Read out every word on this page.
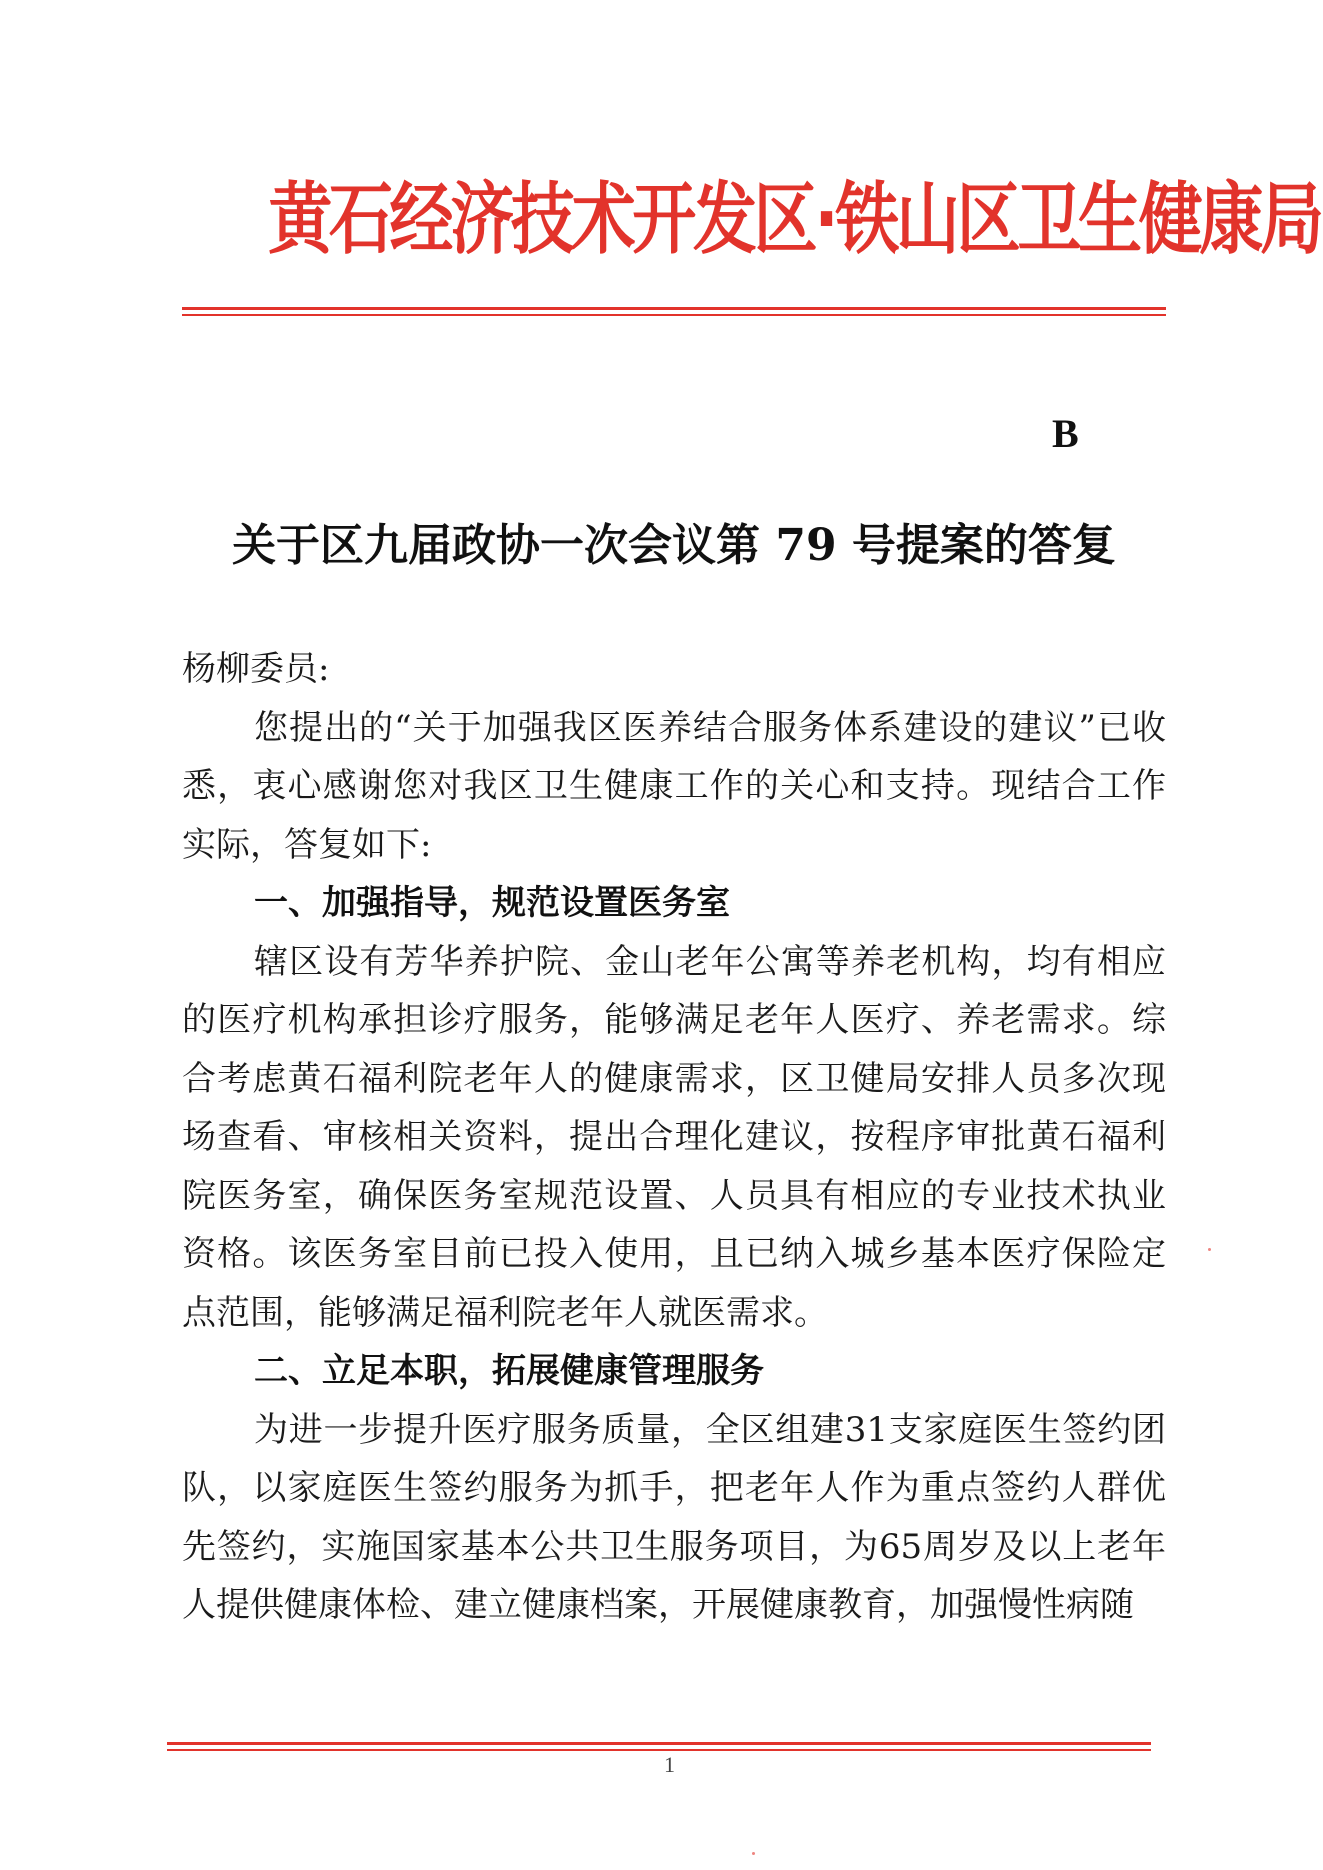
黄石经济技术开发区·铁山区卫生健康局
B
关于区九届政协一次会议第 79 号提案的答复

杨柳委员:

您提出的“关于加强我区医养结合服务体系建设的建议”已收悉，衷心感谢您对我区卫生健康工作的关心和支持。现结合工作实际，答复如下:

一、加强指导，规范设置医务室

辖区设有芳华养护院、金山老年公寓等养老机构，均有相应的医疗机构承担诊疗服务，能够满足老年人医疗、养老需求。综合考虑黄石福利院老年人的健康需求，区卫健局安排人员多次现场查看、审核相关资料，提出合理化建议，按程序审批黄石福利院医务室，确保医务室规范设置、人员具有相应的专业技术执业资格。该医务室目前已投入使用，且已纳入城乡基本医疗保险定点范围，能够满足福利院老年人就医需求。

二、立足本职，拓展健康管理服务

为进一步提升医疗服务质量，全区组建31支家庭医生签约团队，以家庭医生签约服务为抓手，把老年人作为重点签约人群优先签约，实施国家基本公共卫生服务项目，为65周岁及以上老年人提供健康体检、建立健康档案，开展健康教育，加强慢性病随

1
